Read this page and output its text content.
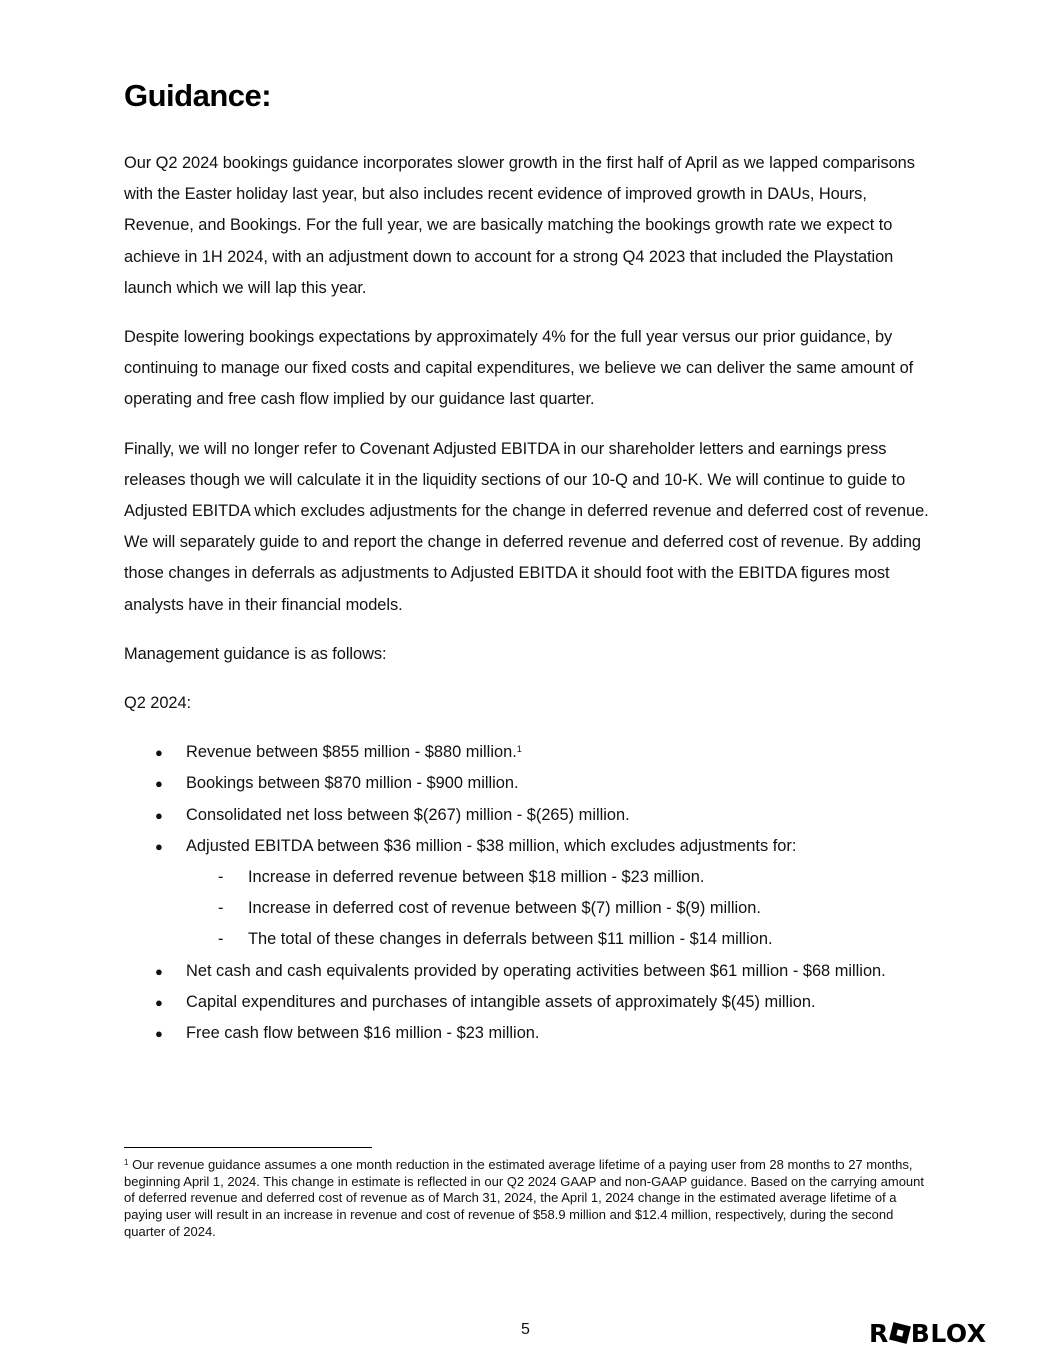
Guidance:

Our Q2 2024 bookings guidance incorporates slower growth in the first half of April as we lapped comparisons with the Easter holiday last year, but also includes recent evidence of improved growth in DAUs, Hours, Revenue, and Bookings. For the full year, we are basically matching the bookings growth rate we expect to achieve in 1H 2024, with an adjustment down to account for a strong Q4 2023 that included the Playstation launch which we will lap this year.

Despite lowering bookings expectations by approximately 4% for the full year versus our prior guidance, by continuing to manage our fixed costs and capital expenditures, we believe we can deliver the same amount of operating and free cash flow implied by our guidance last quarter.

Finally, we will no longer refer to Covenant Adjusted EBITDA in our shareholder letters and earnings press releases though we will calculate it in the liquidity sections of our 10-Q and 10-K. We will continue to guide to Adjusted EBITDA which excludes adjustments for the change in deferred revenue and deferred cost of revenue. We will separately guide to and report the change in deferred revenue and deferred cost of revenue. By adding those changes in deferrals as adjustments to Adjusted EBITDA it should foot with the EBITDA figures most analysts have in their financial models.

Management guidance is as follows:

Q2 2024:

● Revenue between $855 million - $880 million.$^1$
● Bookings between $870 million - $900 million.
● Consolidated net loss between $(267) million - $(265) million.
● Adjusted EBITDA between $36 million - $38 million, which excludes adjustments for:
- Increase in deferred revenue between $18 million - $23 million.
- Increase in deferred cost of revenue between $(7) million - $(9) million.
- The total of these changes in deferrals between $11 million - $14 million.
● Net cash and cash equivalents provided by operating activities between $61 million - $68 million.
● Capital expenditures and purchases of intangible assets of approximately $(45) million.
● Free cash flow between $16 million - $23 million.
$^1$ Our revenue guidance assumes a one month reduction in the estimated average lifetime of a paying user from 28 months to 27 months, beginning April 1, 2024. This change in estimate is reflected in our Q2 2024 GAAP and non-GAAP guidance. Based on the carrying amount of deferred revenue and deferred cost of revenue as of March 31, 2024, the April 1, 2024 change in the estimated average lifetime of a paying user will result in an increase in revenue and cost of revenue of $58.9 million and $12.4 million, respectively, during the second quarter of 2024.
5	R BLOX
